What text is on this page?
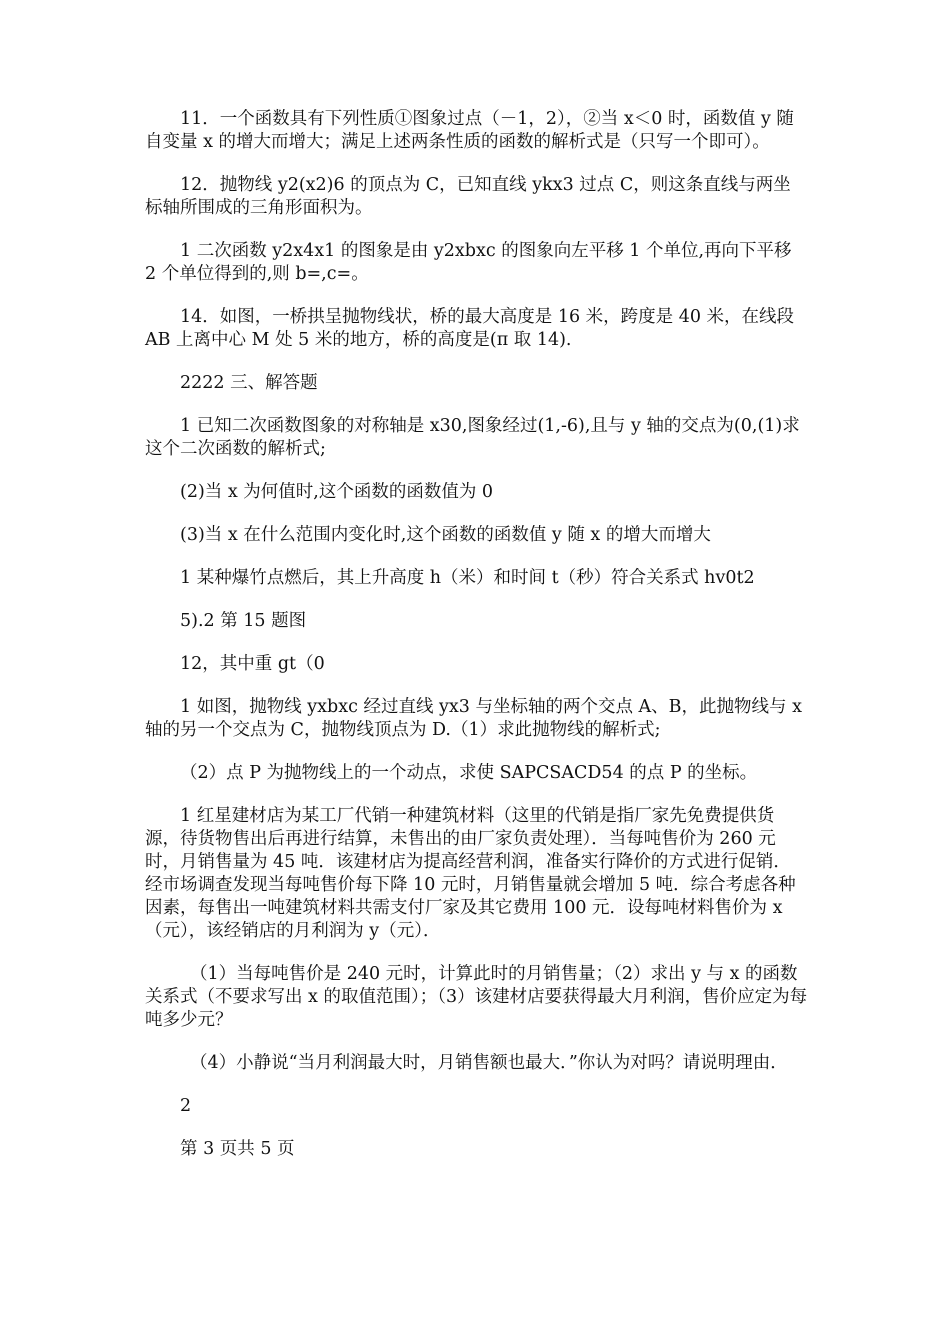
11．一个函数具有下列性质①图象过点（－1，2），②当 x＜0 时，函数值 y 随自变量 x 的增大而增大；满足上述两条性质的函数的解析式是（只写一个即可）。

12．抛物线 y2(x2)6 的顶点为 C，已知直线 ykx3 过点 C，则这条直线与两坐标轴所围成的三角形面积为。

1 二次函数 y2x4x1 的图象是由 y2xbxc 的图象向左平移 1 个单位,再向下平移 2 个单位得到的,则 b=,c=。

14．如图，一桥拱呈抛物线状，桥的最大高度是 16 米，跨度是 40 米，在线段 AB 上离中心 M 处 5 米的地方，桥的高度是(π 取 14).

2222 三、解答题

1 已知二次函数图象的对称轴是 x30,图象经过(1,-6),且与 y 轴的交点为(0,(1)求这个二次函数的解析式;

(2)当 x 为何值时,这个函数的函数值为 0

(3)当 x 在什么范围内变化时,这个函数的函数值 y 随 x 的增大而增大

1 某种爆竹点燃后，其上升高度 h（米）和时间 t（秒）符合关系式 hv0t2

5).2 第 15 题图

12，其中重 gt（0

1 如图，抛物线 yxbxc 经过直线 yx3 与坐标轴的两个交点 A、B，此抛物线与 x 轴的另一个交点为 C，抛物线顶点为 D.（1）求此抛物线的解析式;

（2）点 P 为抛物线上的一个动点，求使 SAPCSACD54 的点 P 的坐标。

1 红星建材店为某工厂代销一种建筑材料（这里的代销是指厂家先免费提供货源，待货物售出后再进行结算，未售出的由厂家负责处理）．当每吨售价为 260 元时，月销售量为 45 吨．该建材店为提高经营利润，准备实行降价的方式进行促销．经市场调查发现当每吨售价每下降 10 元时，月销售量就会增加 5 吨．综合考虑各种因素，每售出一吨建筑材料共需支付厂家及其它费用 100 元．设每吨材料售价为 x（元），该经销店的月利润为 y（元）．

（1）当每吨售价是 240 元时，计算此时的月销售量；（2）求出 y 与 x 的函数关系式（不要求写出 x 的取值范围）；（3）该建材店要获得最大月利润，售价应定为每吨多少元？

（4）小静说“当月利润最大时，月销售额也最大．”你认为对吗？请说明理由．

2

第 3 页共 5 页
